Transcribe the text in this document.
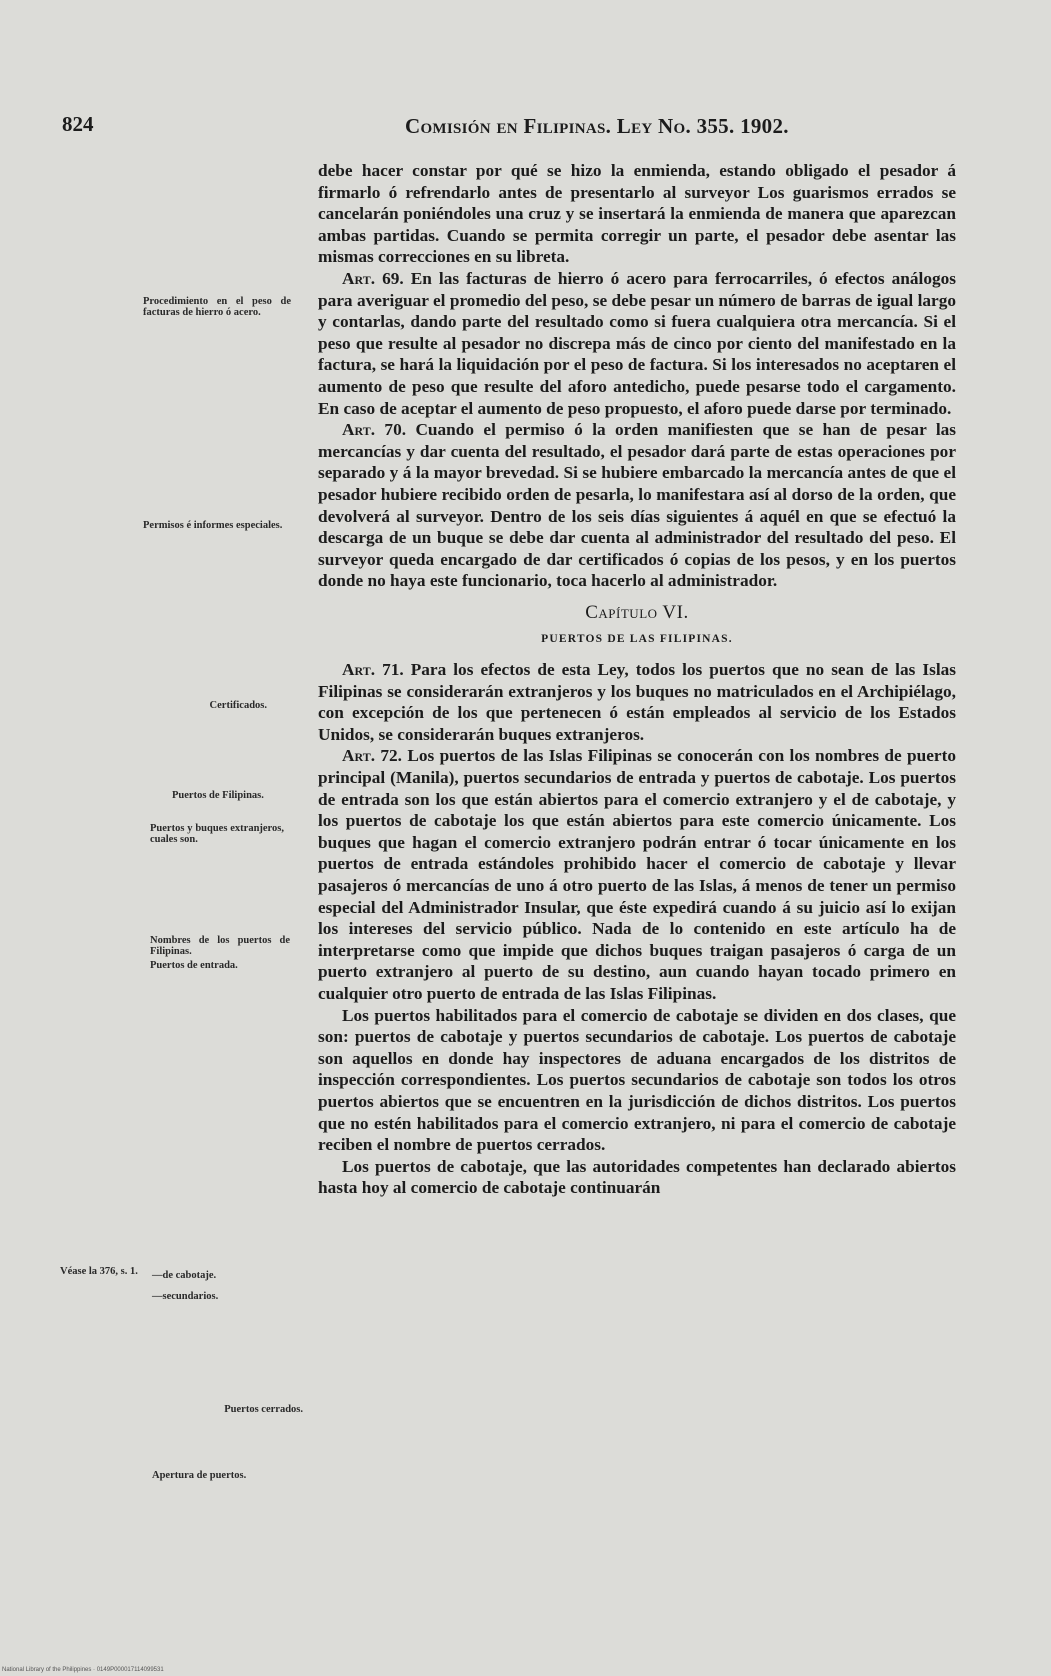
824	Comisión en Filipinas. Ley No. 355. 1902.

debe hacer constar por qué se hizo la enmienda, estando obligado el pesador á firmarlo ó refrendarlo antes de presentarlo al surveyor Los guarismos errados se cancelarán poniéndoles una cruz y se insertará la enmienda de manera que aparezcan ambas partidas. Cuando se permita corregir un parte, el pesador debe asentar las mismas correcciones en su libreta.

Art. 69. En las facturas de hierro ó acero para ferrocarriles, ó efectos análogos para averiguar el promedio del peso, se debe pesar un número de barras de igual largo y contarlas, dando parte del resultado como si fuera cualquiera otra mercancía. Si el peso que resulte al pesador no discrepa más de cinco por ciento del manifestado en la factura, se hará la liquidación por el peso de factura. Si los interesados no aceptaren el aumento de peso que resulte del aforo antedicho, puede pesarse todo el cargamento. En caso de aceptar el aumento de peso propuesto, el aforo puede darse por terminado.

Art. 70. Cuando el permiso ó la orden manifiesten que se han de pesar las mercancías y dar cuenta del resultado, el pesador dará parte de estas operaciones por separado y á la mayor brevedad. Si se hubiere embarcado la mercancía antes de que el pesador hubiere recibido orden de pesarla, lo manifestara así al dorso de la orden, que devolverá al surveyor. Dentro de los seis días siguientes á aquél en que se efectuó la descarga de un buque se debe dar cuenta al administrador del resultado del peso. El surveyor queda encargado de dar certificados ó copias de los pesos, y en los puertos donde no haya este funcionario, toca hacerlo al administrador.

Capítulo VI.
PUERTOS DE LAS FILIPINAS.

Art. 71. Para los efectos de esta Ley, todos los puertos que no sean de las Islas Filipinas se considerarán extranjeros y los buques no matriculados en el Archipiélago, con excepción de los que pertenecen ó están empleados al servicio de los Estados Unidos, se considerarán buques extranjeros.

Art. 72. Los puertos de las Islas Filipinas se conocerán con los nombres de puerto principal (Manila), puertos secundarios de entrada y puertos de cabotaje. Los puertos de entrada son los que están abiertos para el comercio extranjero y el de cabotaje, y los puertos de cabotaje los que están abiertos para este comercio únicamente. Los buques que hagan el comercio extranjero podrán entrar ó tocar únicamente en los puertos de entrada estándoles prohibido hacer el comercio de cabotaje y llevar pasajeros ó mercancías de uno á otro puerto de las Islas, á menos de tener un permiso especial del Administrador Insular, que éste expedirá cuando á su juicio así lo exijan los intereses del servicio público. Nada de lo contenido en este artículo ha de interpretarse como que impide que dichos buques traigan pasajeros ó carga de un puerto extranjero al puerto de su destino, aun cuando hayan tocado primero en cualquier otro puerto de entrada de las Islas Filipinas.

Los puertos habilitados para el comercio de cabotaje se dividen en dos clases, que son: puertos de cabotaje y puertos secundarios de cabotaje. Los puertos de cabotaje son aquellos en donde hay inspectores de aduana encargados de los distritos de inspección correspondientes. Los puertos secundarios de cabotaje son todos los otros puertos abiertos que se encuentren en la jurisdicción de dichos distritos. Los puertos que no estén habilitados para el comercio extranjero, ni para el comercio de cabotaje reciben el nombre de puertos cerrados.

Los puertos de cabotaje, que las autoridades competentes han declarado abiertos hasta hoy al comercio de cabotaje continuarán

Procedimiento en el peso de facturas de hierro ó acero.
Permisos é informes especiales.
Certificados.
Puertos de Filipinas.
Puertos y buques extranjeros, cuales son.
Nombres de los puertos de Filipinas.
Puertos de entrada.
Véase la 376, s. 1.	—de cabotaje.
—secundarios.
Puertos cerrados.
Apertura de puertos.
National Library of the Philippines · 0149P000017114099531
